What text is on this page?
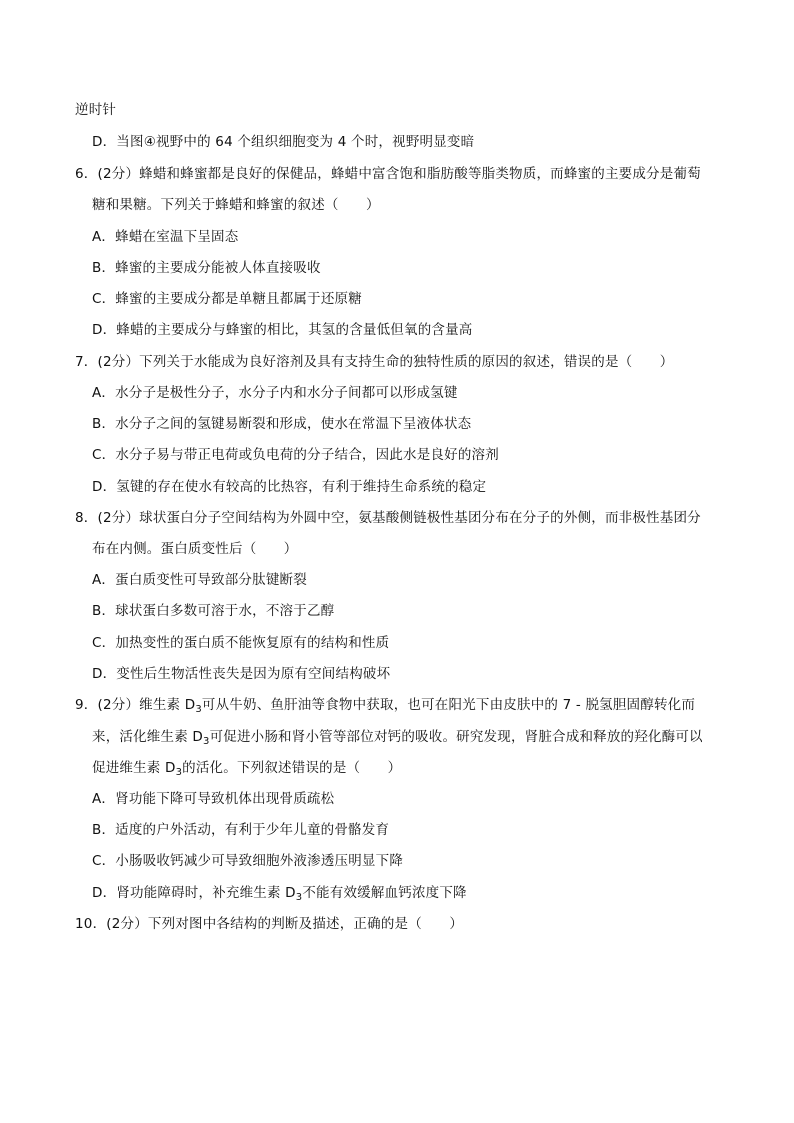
逆时针
D．当图④视野中的 64 个组织细胞变为 4 个时，视野明显变暗
6．(2分）蜂蜡和蜂蜜都是良好的保健品，蜂蜡中富含饱和脂肪酸等脂类物质，而蜂蜜的主要成分是葡萄
糖和果糖。下列关于蜂蜡和蜂蜜的叙述（　　）
A．蜂蜡在室温下呈固态
B．蜂蜜的主要成分能被人体直接吸收
C．蜂蜜的主要成分都是单糖且都属于还原糖
D．蜂蜡的主要成分与蜂蜜的相比，其氢的含量低但氧的含量高
7．(2分）下列关于水能成为良好溶剂及具有支持生命的独特性质的原因的叙述，错误的是（　　）
A．水分子是极性分子，水分子内和水分子间都可以形成氢键
B．水分子之间的氢键易断裂和形成，使水在常温下呈液体状态
C．水分子易与带正电荷或负电荷的分子结合，因此水是良好的溶剂
D．氢键的存在使水有较高的比热容，有利于维持生命系统的稳定
8．(2分）球状蛋白分子空间结构为外圆中空，氨基酸侧链极性基团分布在分子的外侧，而非极性基团分
布在内侧。蛋白质变性后（　　）
A．蛋白质变性可导致部分肽键断裂
B．球状蛋白多数可溶于水，不溶于乙醇
C．加热变性的蛋白质不能恢复原有的结构和性质
D．变性后生物活性丧失是因为原有空间结构破坏
9．(2分）维生素 $D_3$可从牛奶、鱼肝油等食物中获取，也可在阳光下由皮肤中的 7 - 脱氢胆固醇转化而
来，活化维生素 $D_3$可促进小肠和肾小管等部位对钙的吸收。研究发现，肾脏合成和释放的羟化酶可以
促进维生素 $D_3$的活化。下列叙述错误的是（　　）
A．肾功能下降可导致机体出现骨质疏松
B．适度的户外活动，有利于少年儿童的骨骼发育
C．小肠吸收钙减少可导致细胞外液渗透压明显下降
D．肾功能障碍时，补充维生素 $D_3$不能有效缓解血钙浓度下降
10．(2分）下列对图中各结构的判断及描述，正确的是（　　）
